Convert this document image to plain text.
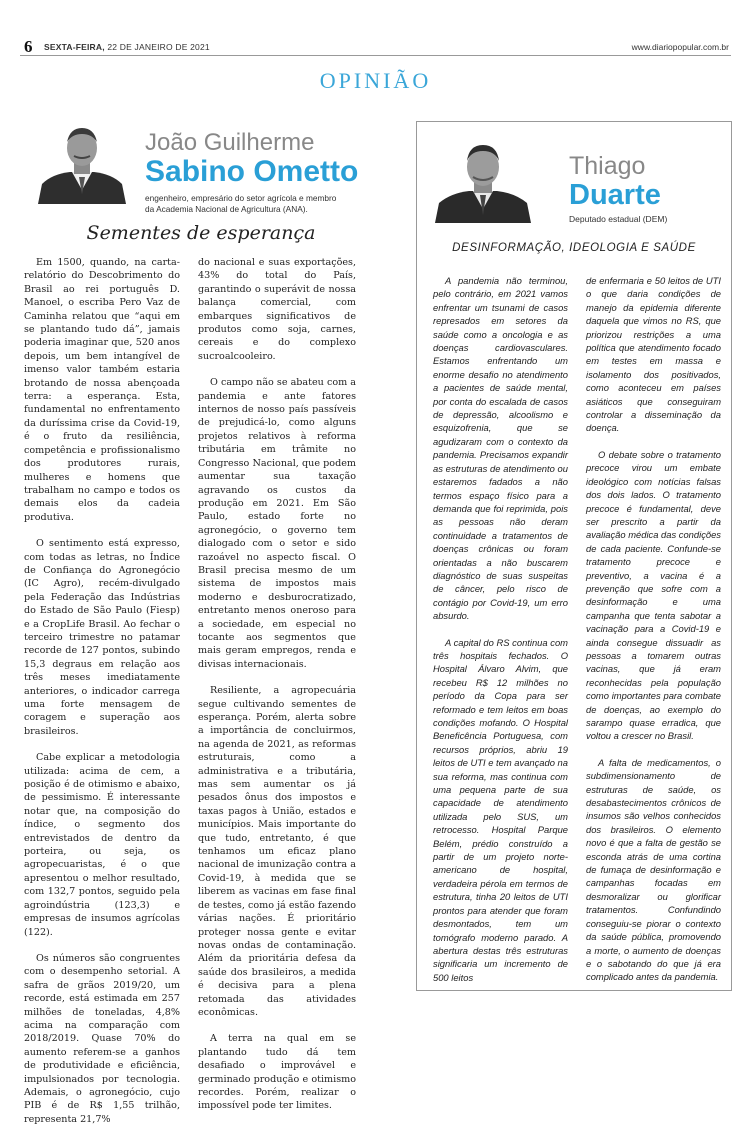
6 SEXTA-FEIRA, 22 DE JANEIRO DE 2021	www.diariopopular.com.br
OPINIÃO
João Guilherme
Sabino Ometto
engenheiro, empresário do setor agrícola e membro da Academia Nacional de Agricultura (ANA).
Sementes de esperança

Em 1500, quando, na carta-relatório do Descobrimento do Brasil ao rei português D. Manoel, o escriba Pero Vaz de Caminha relatou que “aqui em se plantando tudo dá”, jamais poderia imaginar que, 520 anos depois, um bem intangível de imenso valor também estaria brotando de nossa abençoada terra: a esperança. Esta, fundamental no enfrentamento da duríssima crise da Covid-19, é o fruto da resiliência, competência e profissionalismo dos produtores rurais, mulheres e homens que trabalham no campo e todos os demais elos da cadeia produtiva.

O sentimento está expresso, com todas as letras, no Índice de Confiança do Agronegócio (IC Agro), recém-divulgado pela Federação das Indústrias do Estado de São Paulo (Fiesp) e a CropLife Brasil. Ao fechar o terceiro trimestre no patamar recorde de 127 pontos, subindo 15,3 degraus em relação aos três meses imediatamente anteriores, o indicador carrega uma forte mensagem de coragem e superação aos brasileiros.

Cabe explicar a metodologia utilizada: acima de cem, a posição é de otimismo e abaixo, de pessimismo. É interessante notar que, na composição do índice, o segmento dos entrevistados de dentro da porteira, ou seja, os agropecuaristas, é o que apresentou o melhor resultado, com 132,7 pontos, seguido pela agroindústria (123,3) e empresas de insumos agrícolas (122).

Os números são congruentes com o desempenho setorial. A safra de grãos 2019/20, um recorde, está estimada em 257 milhões de toneladas, 4,8% acima na comparação com 2018/2019. Quase 70% do aumento referem-se a ganhos de produtividade e eficiência, impulsionados por tecnologia. Ademais, o agronegócio, cujo PIB é de R$ 1,55 trilhão, representa 21,7%

do nacional e suas exportações, 43% do total do País, garantindo o superávit de nossa balança comercial, com embarques significativos de produtos como soja, carnes, cereais e do complexo sucroalcooleiro.

O campo não se abateu com a pandemia e ante fatores internos de nosso país passíveis de prejudicá-lo, como alguns projetos relativos à reforma tributária em trâmite no Congresso Nacional, que podem aumentar sua taxação agravando os custos da produção em 2021. Em São Paulo, estado forte no agronegócio, o governo tem dialogado com o setor e sido razoável no aspecto fiscal. O Brasil precisa mesmo de um sistema de impostos mais moderno e desburocratizado, entretanto menos oneroso para a sociedade, em especial no tocante aos segmentos que mais geram empregos, renda e divisas internacionais.

Resiliente, a agropecuária segue cultivando sementes de esperança. Porém, alerta sobre a importância de concluirmos, na agenda de 2021, as reformas estruturais, como a administrativa e a tributária, mas sem aumentar os já pesados ônus dos impostos e taxas pagos à União, estados e municípios. Mais importante do que tudo, entretanto, é que tenhamos um eficaz plano nacional de imunização contra a Covid-19, à medida que se liberem as vacinas em fase final de testes, como já estão fazendo várias nações. É prioritário proteger nossa gente e evitar novas ondas de contaminação. Além da prioritária defesa da saúde dos brasileiros, a medida é decisiva para a plena retomada das atividades econômicas.

A terra na qual em se plantando tudo dá tem desafiado o improvável e germinado produção e otimismo recordes. Porém, realizar o impossível pode ter limites.

Thiago
Duarte
Deputado estadual (DEM)
DESINFORMAÇÃO, IDEOLOGIA E SAÚDE

A pandemia não terminou, pelo contrário, em 2021 vamos enfrentar um tsunami de casos represados em setores da saúde como a oncologia e as doenças cardiovasculares. Estamos enfrentando um enorme desafio no atendimento a pacientes de saúde mental, por conta do escalada de casos de depressão, alcoolismo e esquizofrenia, que se agudizaram com o contexto da pandemia. Precisamos expandir as estruturas de atendimento ou estaremos fadados a não termos espaço físico para a demanda que foi reprimida, pois as pessoas não deram continuidade a tratamentos de doenças crônicas ou foram orientadas a não buscarem diagnóstico de suas suspeitas de câncer, pelo risco de contágio por Covid-19, um erro absurdo.

A capital do RS continua com três hospitais fechados. O Hospital Álvaro Alvim, que recebeu R$ 12 milhões no período da Copa para ser reformado e tem leitos em boas condições mofando. O Hospital Beneficência Portuguesa, com recursos próprios, abriu 19 leitos de UTI e tem avançado na sua reforma, mas continua com uma pequena parte de sua capacidade de atendimento utilizada pelo SUS, um retrocesso. Hospital Parque Belém, prédio construído a partir de um projeto norte-americano de hospital, verdadeira pérola em termos de estrutura, tinha 20 leitos de UTI prontos para atender que foram desmontados, tem um tomógrafo moderno parado. A abertura destas três estruturas significaria um incremento de 500 leitos

de enfermaria e 50 leitos de UTI o que daria condições de manejo da epidemia diferente daquela que vimos no RS, que priorizou restrições a uma política que atendimento focado em testes em massa e isolamento dos positivados, como aconteceu em países asiáticos que conseguiram controlar a disseminação da doença.

O debate sobre o tratamento precoce virou um embate ideológico com notícias falsas dos dois lados. O tratamento precoce é fundamental, deve ser prescrito a partir da avaliação médica das condições de cada paciente. Confunde-se tratamento precoce e preventivo, a vacina é a prevenção que sofre com a desinformação e uma campanha que tenta sabotar a vacinação para a Covid-19 e ainda consegue dissuadir as pessoas a tomarem outras vacinas, que já eram reconhecidas pela população como importantes para combate de doenças, ao exemplo do sarampo quase erradica, que voltou a crescer no Brasil.

A falta de medicamentos, o subdimensionamento de estruturas de saúde, os desabastecimentos crônicos de insumos são velhos conhecidos dos brasileiros. O elemento novo é que a falta de gestão se esconda atrás de uma cortina de fumaça de desinformação e campanhas focadas em desmoralizar ou glorificar tratamentos. Confundindo conseguiu-se piorar o contexto da saúde pública, promovendo a morte, o aumento de doenças e o sabotando do que já era complicado antes da pandemia.
